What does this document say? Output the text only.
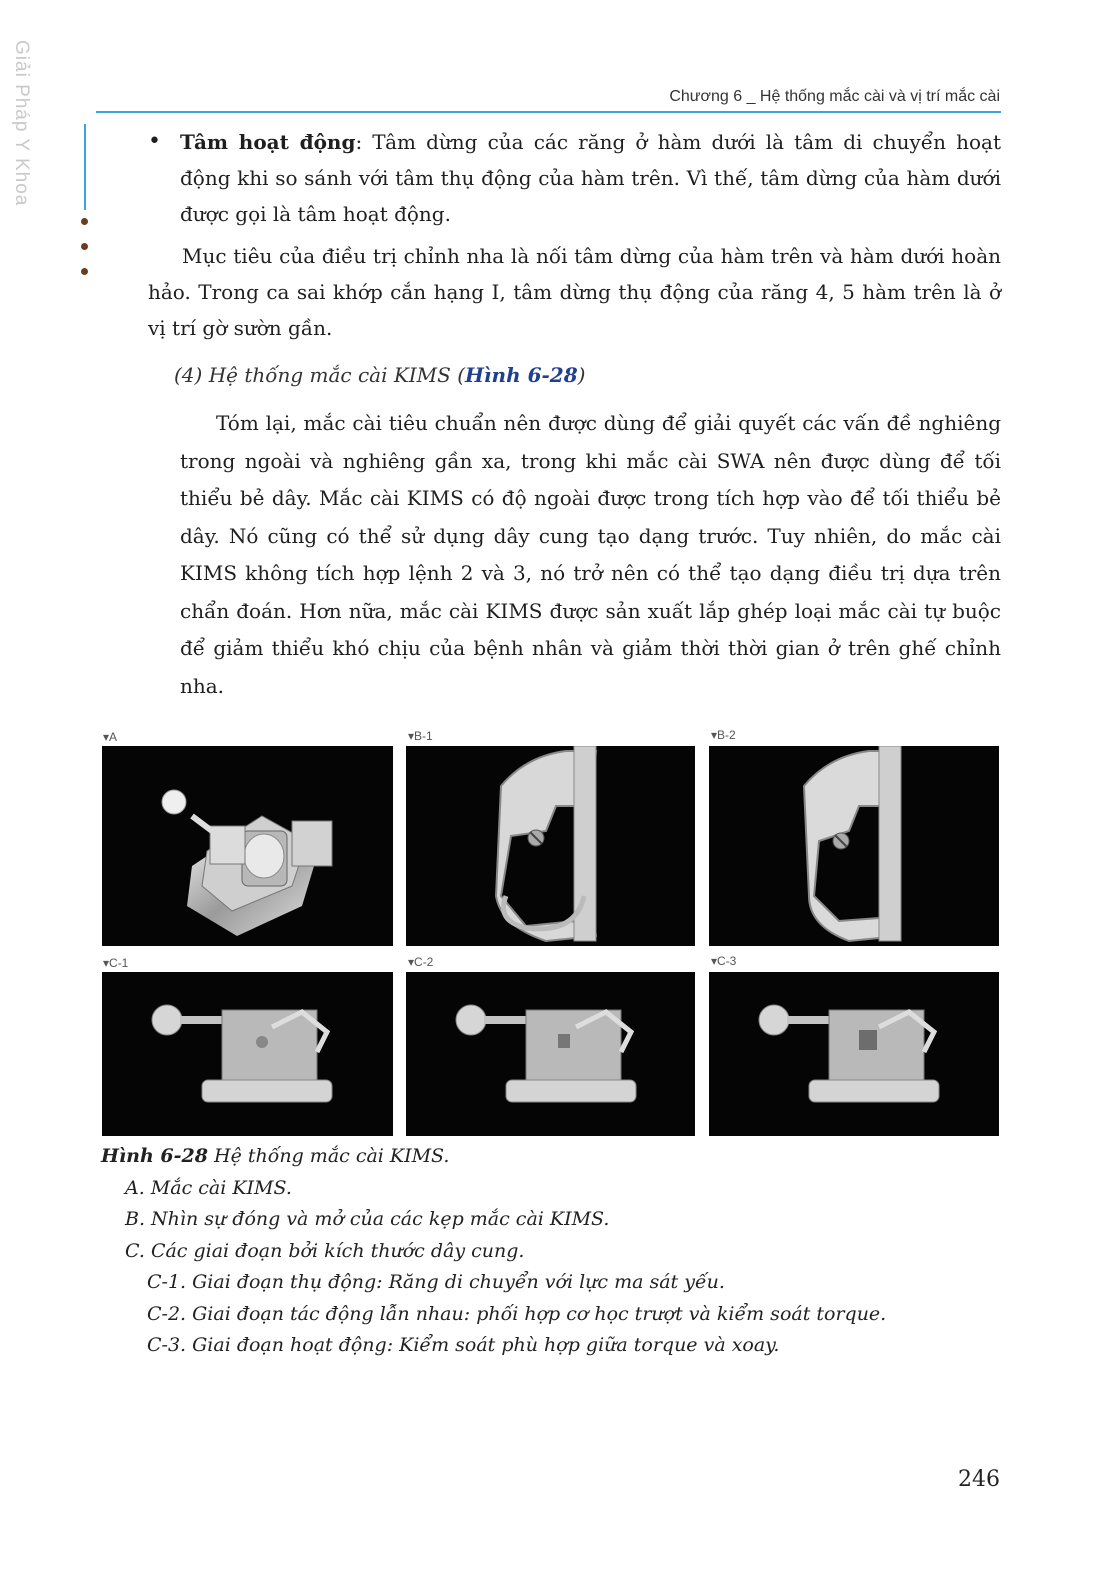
Giải Pháp Y Khoa	Chương 6 _ Hệ thống mắc cài và vị trí mắc cài
• Tâm hoạt động: Tâm dừng của các răng ở hàm dưới là tâm di chuyển hoạt động khi so sánh với tâm thụ động của hàm trên. Vì thế, tâm dừng của hàm dưới được gọi là tâm hoạt động.
Mục tiêu của điều trị chỉnh nha là nối tâm dừng của hàm trên và hàm dưới hoàn hảo. Trong ca sai khớp cắn hạng I, tâm dừng thụ động của răng 4, 5 hàm trên là ở vị trí gờ sườn gần.
(4) Hệ thống mắc cài KIMS (Hình 6-28)
Tóm lại, mắc cài tiêu chuẩn nên được dùng để giải quyết các vấn đề nghiêng trong ngoài và nghiêng gần xa, trong khi mắc cài SWA nên được dùng để tối thiểu bẻ dây. Mắc cài KIMS có độ ngoài được trong tích hợp vào để tối thiểu bẻ dây. Nó cũng có thể sử dụng dây cung tạo dạng trước. Tuy nhiên, do mắc cài KIMS không tích hợp lệnh 2 và 3, nó trở nên có thể tạo dạng điều trị dựa trên chẩn đoán. Hơn nữa, mắc cài KIMS được sản xuất lắp ghép loại mắc cài tự buộc để giảm thiểu khó chịu của bệnh nhân và giảm thời thời gian ở trên ghế chỉnh nha.
▾A	▾B-1	▾B-2
▾C-1	▾C-2	▾C-3
Hình 6-28 Hệ thống mắc cài KIMS.
A. Mắc cài KIMS.
B. Nhìn sự đóng và mở của các kẹp mắc cài KIMS.
C. Các giai đoạn bởi kích thước dây cung.
C-1. Giai đoạn thụ động: Răng di chuyển với lực ma sát yếu.
C-2. Giai đoạn tác động lẫn nhau: phối hợp cơ học trượt và kiểm soát torque.
C-3. Giai đoạn hoạt động: Kiểm soát phù hợp giữa torque và xoay.
246
